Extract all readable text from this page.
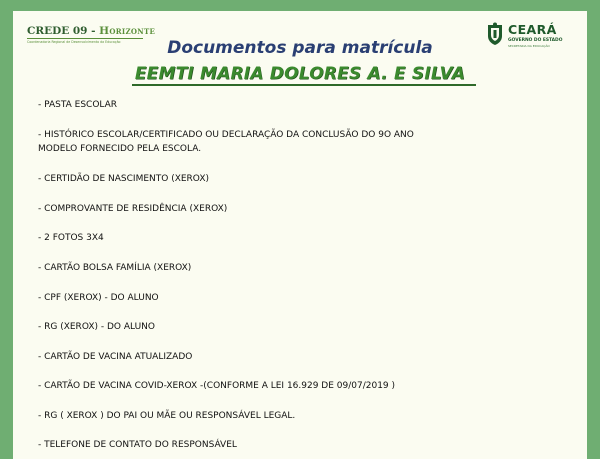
CREDE 09 - Horizonte
Coordenadoria Regional de Desenvolvimento da Educação
CEARÁ
GOVERNO DO ESTADO
SECRETARIA DA EDUCAÇÃO
Documentos para matrícula
EEMTI MARIA DOLORES A. E SILVA
- PASTA ESCOLAR
- HISTÓRICO ESCOLAR/CERTIFICADO OU DECLARAÇÃO DA CONCLUSÃO DO 9O ANO
MODELO FORNECIDO PELA ESCOLA.
- CERTIDÃO DE NASCIMENTO (XEROX)
- COMPROVANTE DE RESIDÊNCIA (XEROX)
- 2 FOTOS 3X4
- CARTÃO BOLSA FAMÍLIA (XEROX)
- CPF (XEROX) - DO ALUNO
- RG (XEROX) - DO ALUNO
- CARTÃO DE VACINA ATUALIZADO
- CARTÃO DE VACINA COVID-XEROX -(CONFORME A LEI 16.929 DE 09/07/2019 )
- RG ( XEROX ) DO PAI OU MÃE OU RESPONSÁVEL LEGAL.
- TELEFONE DE CONTATO DO RESPONSÁVEL
